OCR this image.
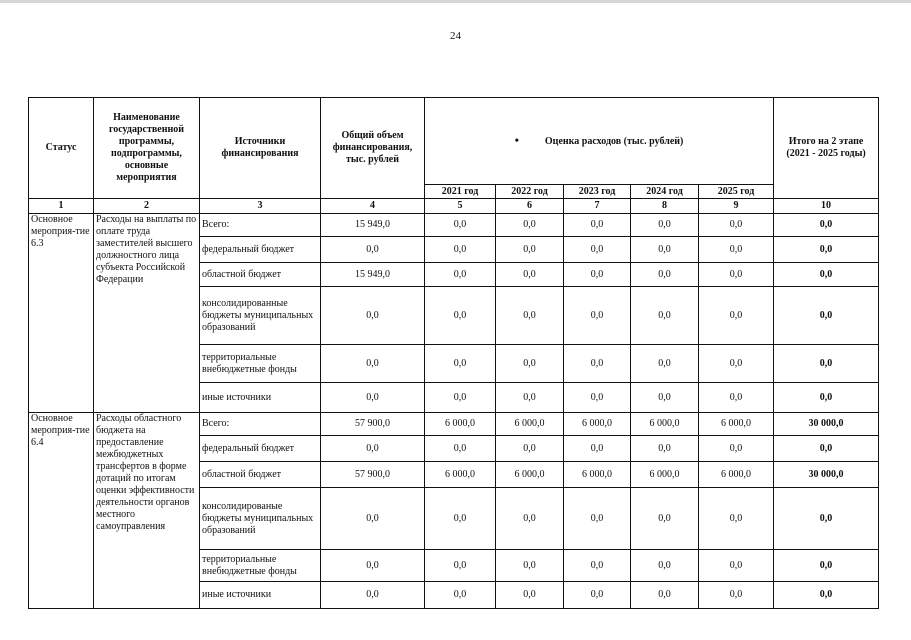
24
Статус	Наименование государственной программы, подпрограммы, основные мероприятия	Источники финансирования	Общий объем финансирования, тыс. рублей	• Оценка расходов (тыс. рублей)					Итого на 2 этапе (2021 - 2025 годы)
				2021 год	2022 год	2023 год	2024 год	2025 год	
1	2	3	4	5	6	7	8	9	10
Основное мероприя-тие 6.3	Расходы на выплаты по оплате труда заместителей высшего должностного лица субъекта Российской Федерации	Всего:	15 949,0	0,0	0,0	0,0	0,0	0,0	0,0
		федеральный бюджет	0,0	0,0	0,0	0,0	0,0	0,0	0,0
		областной бюджет	15 949,0	0,0	0,0	0,0	0,0	0,0	0,0
		консолидированные бюджеты муниципальных образований	0,0	0,0	0,0	0,0	0,0	0,0	0,0
		территориальные внебюджетные фонды	0,0	0,0	0,0	0,0	0,0	0,0	0,0
		иные источники	0,0	0,0	0,0	0,0	0,0	0,0	0,0
Основное мероприя-тие 6.4	Расходы областного бюджета на предоставление межбюджетных трансфертов в форме дотаций по итогам оценки эффективности деятельности органов местного самоуправления	Всего:	57 900,0	6 000,0	6 000,0	6 000,0	6 000,0	6 000,0	30 000,0
		федеральный бюджет	0,0	0,0	0,0	0,0	0,0	0,0	0,0
		областной бюджет	57 900,0	6 000,0	6 000,0	6 000,0	6 000,0	6 000,0	30 000,0
		консолидированые бюджеты муниципальных образований	0,0	0,0	0,0	0,0	0,0	0,0	0,0
		территориальные внебюджетные фонды	0,0	0,0	0,0	0,0	0,0	0,0	0,0
		иные источники	0,0	0,0	0,0	0,0	0,0	0,0	0,0
